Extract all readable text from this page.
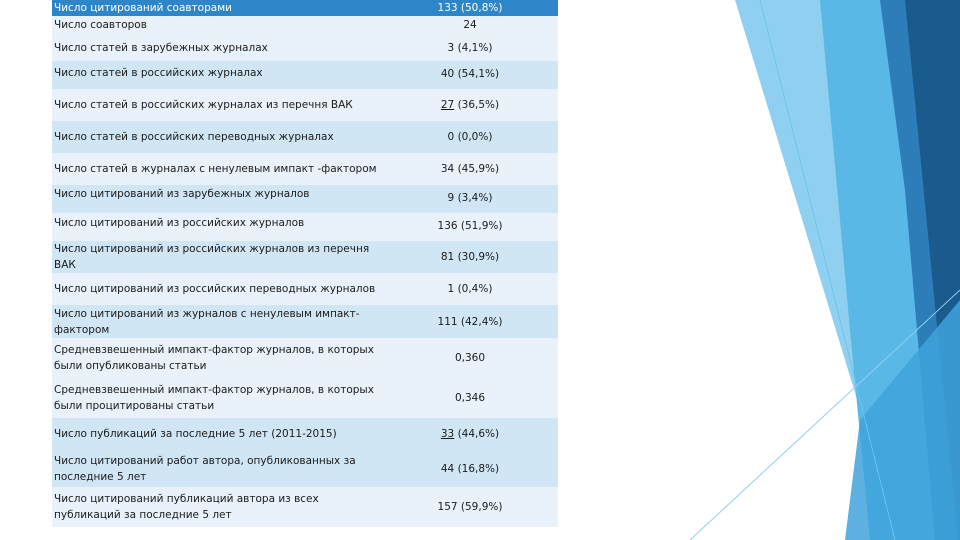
Число цитирований соавторами	133 (50,8%)
Число соавторов	24
Число статей в зарубежных журналах	3 (4,1%)
Число статей в российских журналах	40 (54,1%)
Число статей в российских журналах из перечня ВАК	27 (36,5%)
Число статей в российских переводных журналах	0 (0,0%)
Число статей в журналах с ненулевым импакт -фактором	34 (45,9%)
Число цитирований из зарубежных журналов	9 (3,4%)
Число цитирований из российских журналов	136 (51,9%)
Число цитирований из российских журналов из перечня ВАК	81 (30,9%)
Число цитирований из российских переводных журналов	1 (0,4%)
Число цитирований из журналов с ненулевым импакт-фактором	111 (42,4%)
Средневзвешенный импакт-фактор журналов, в которых были опубликованы статьи	0,360
Средневзвешенный импакт-фактор журналов, в которых были процитированы статьи	0,346
Число публикаций за последние 5 лет (2011-2015)	33 (44,6%)
Число цитирований работ автора, опубликованных за последние 5 лет	44 (16,8%)
Число цитирований публикаций автора из всех публикаций за последние 5 лет	157 (59,9%)
